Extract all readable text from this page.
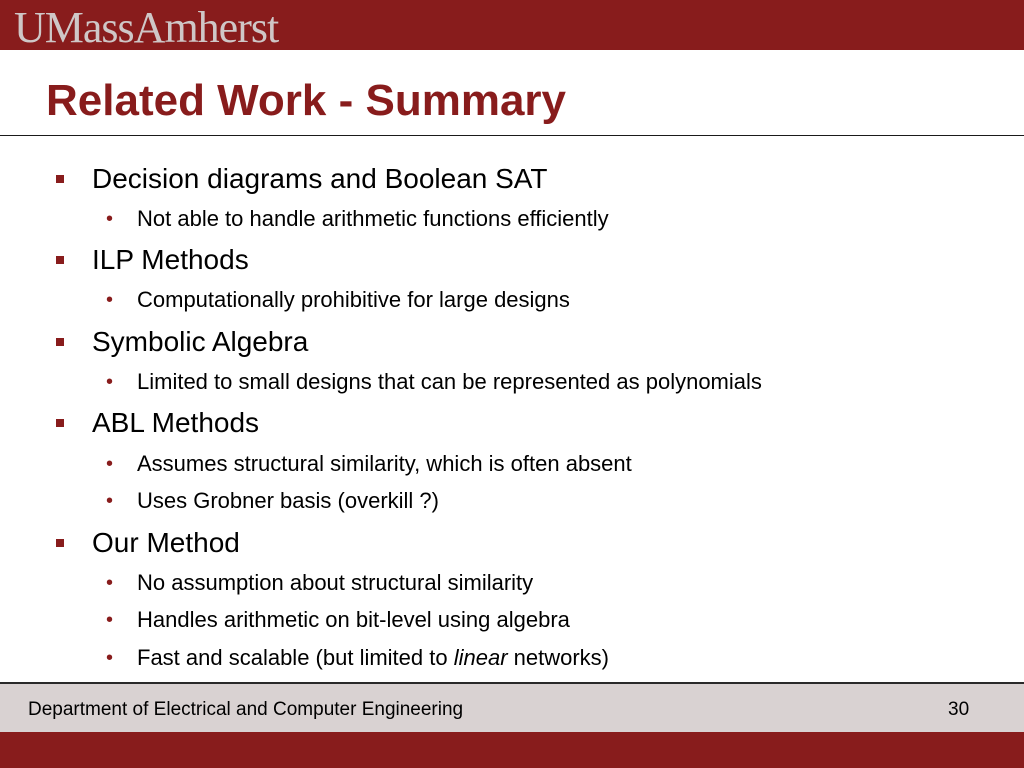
UMassAmherst
Related Work - Summary
Decision diagrams and Boolean SAT
• Not able to handle arithmetic functions efficiently
ILP Methods
• Computationally prohibitive for large designs
Symbolic Algebra
• Limited to small designs that can be represented as polynomials
ABL Methods
• Assumes structural similarity, which is often absent
• Uses Grobner basis (overkill ?)
Our Method
• No assumption about structural similarity
• Handles arithmetic on bit-level using algebra
• Fast and scalable (but limited to linear networks)
Department of Electrical and Computer Engineering	30
